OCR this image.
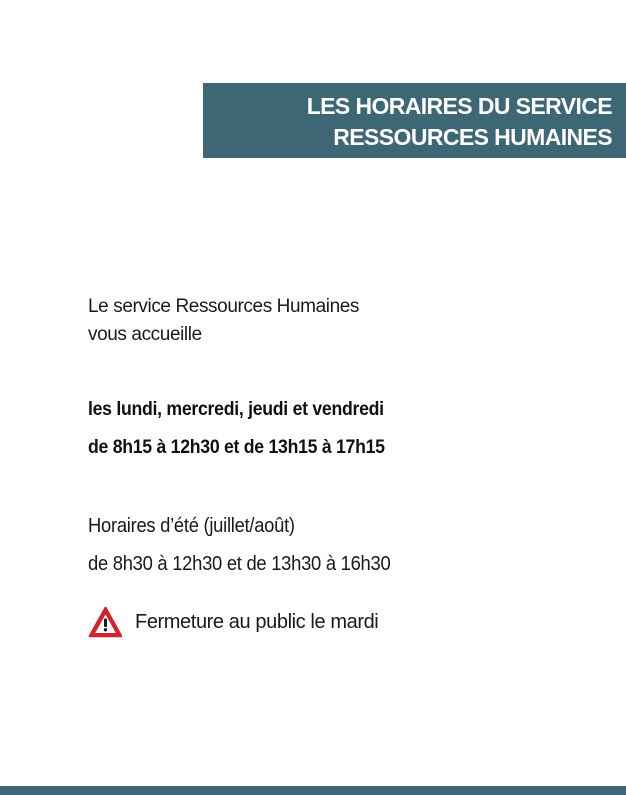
LES HORAIRES DU SERVICE
RESSOURCES HUMAINES
Le service Ressources Humaines
vous accueille
les lundi, mercredi, jeudi et vendredi
de 8h15 à 12h30 et de 13h15 à 17h15
Horaires d’été (juillet/août)
de 8h30 à 12h30 et de 13h30 à 16h30
Fermeture au public le mardi
